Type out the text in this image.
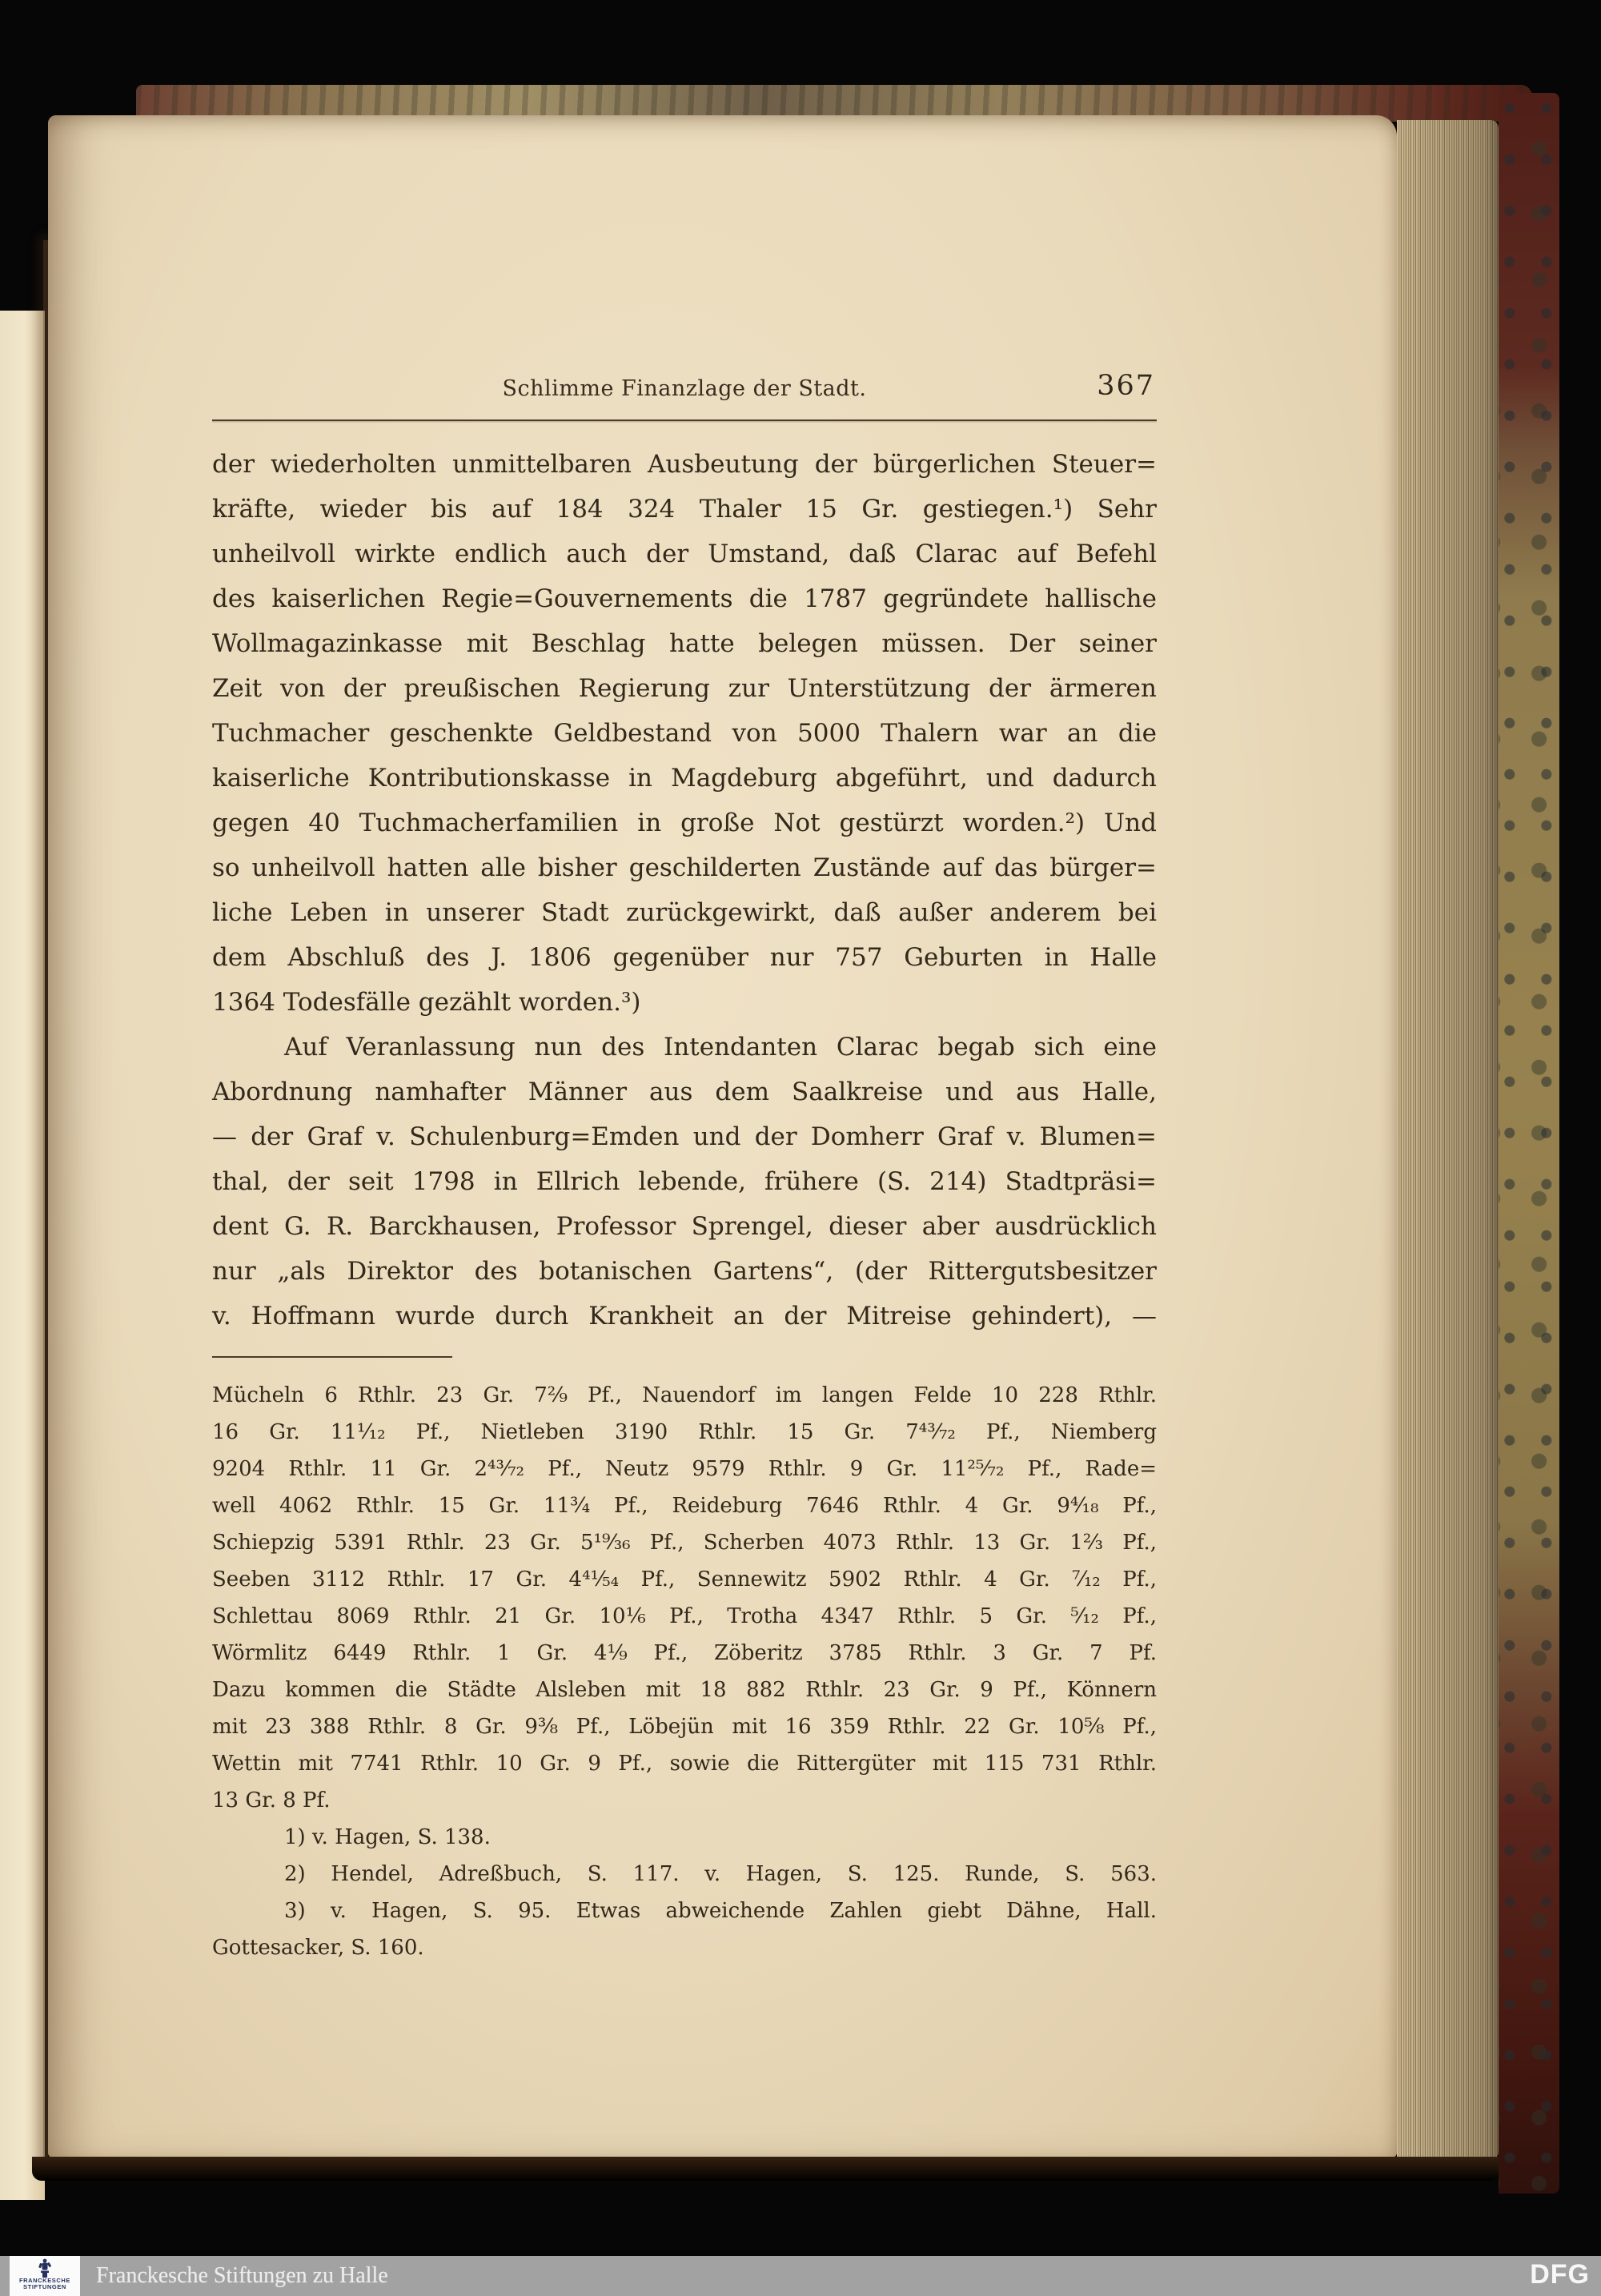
Schlimme Finanzlage der Stadt.	367
der wiederholten unmittelbaren Ausbeutung der bürgerlichen Steuer=
kräfte, wieder bis auf 184 324 Thaler 15 Gr. gestiegen.¹) Sehr
unheilvoll wirkte endlich auch der Umstand, daß Clarac auf Befehl
des kaiserlichen Regie=Gouvernements die 1787 gegründete hallische
Wollmagazinkasse mit Beschlag hatte belegen müssen. Der seiner
Zeit von der preußischen Regierung zur Unterstützung der ärmeren
Tuchmacher geschenkte Geldbestand von 5000 Thalern war an die
kaiserliche Kontributionskasse in Magdeburg abgeführt, und dadurch
gegen 40 Tuchmacherfamilien in große Not gestürzt worden.²) Und
so unheilvoll hatten alle bisher geschilderten Zustände auf das bürger=
liche Leben in unserer Stadt zurückgewirkt, daß außer anderem bei
dem Abschluß des J. 1806 gegenüber nur 757 Geburten in Halle
1364 Todesfälle gezählt worden.³)
Auf Veranlassung nun des Intendanten Clarac begab sich eine
Abordnung namhafter Männer aus dem Saalkreise und aus Halle,
— der Graf v. Schulenburg=Emden und der Domherr Graf v. Blumen=
thal, der seit 1798 in Ellrich lebende, frühere (S. 214) Stadtpräsi=
dent G. R. Barckhausen, Professor Sprengel, dieser aber ausdrücklich
nur „als Direktor des botanischen Gartens“, (der Rittergutsbesitzer
v. Hoffmann wurde durch Krankheit an der Mitreise gehindert), —
Mücheln 6 Rthlr. 23 Gr. 7²⁄₉ Pf., Nauendorf im langen Felde 10 228 Rthlr.
16 Gr. 11¹⁄₁₂ Pf., Nietleben 3190 Rthlr. 15 Gr. 7⁴³⁄₇₂ Pf., Niemberg
9204 Rthlr. 11 Gr. 2⁴³⁄₇₂ Pf., Neutz 9579 Rthlr. 9 Gr. 11²⁵⁄₇₂ Pf., Rade=
well 4062 Rthlr. 15 Gr. 11³⁄₄ Pf., Reideburg 7646 Rthlr. 4 Gr. 9⁴⁄₁₈ Pf.,
Schiepzig 5391 Rthlr. 23 Gr. 5¹⁹⁄₃₆ Pf., Scherben 4073 Rthlr. 13 Gr. 1²⁄₃ Pf.,
Seeben 3112 Rthlr. 17 Gr. 4⁴¹⁄₅₄ Pf., Sennewitz 5902 Rthlr. 4 Gr. ⁷⁄₁₂ Pf.,
Schlettau 8069 Rthlr. 21 Gr. 10¹⁄₆ Pf., Trotha 4347 Rthlr. 5 Gr. ⁵⁄₁₂ Pf.,
Wörmlitz 6449 Rthlr. 1 Gr. 4¹⁄₉ Pf., Zöberitz 3785 Rthlr. 3 Gr. 7 Pf.
Dazu kommen die Städte Alsleben mit 18 882 Rthlr. 23 Gr. 9 Pf., Könnern
mit 23 388 Rthlr. 8 Gr. 9³⁄₈ Pf., Löbejün mit 16 359 Rthlr. 22 Gr. 10⁵⁄₈ Pf.,
Wettin mit 7741 Rthlr. 10 Gr. 9 Pf., sowie die Rittergüter mit 115 731 Rthlr.
13 Gr. 8 Pf.
1) v. Hagen, S. 138.
2) Hendel, Adreßbuch, S. 117. v. Hagen, S. 125. Runde, S. 563.
3) v. Hagen, S. 95. Etwas abweichende Zahlen giebt Dähne, Hall.
Gottesacker, S. 160.
FRANCKESCHE
STIFTUNGEN	Franckesche Stiftungen zu Halle	DFG
